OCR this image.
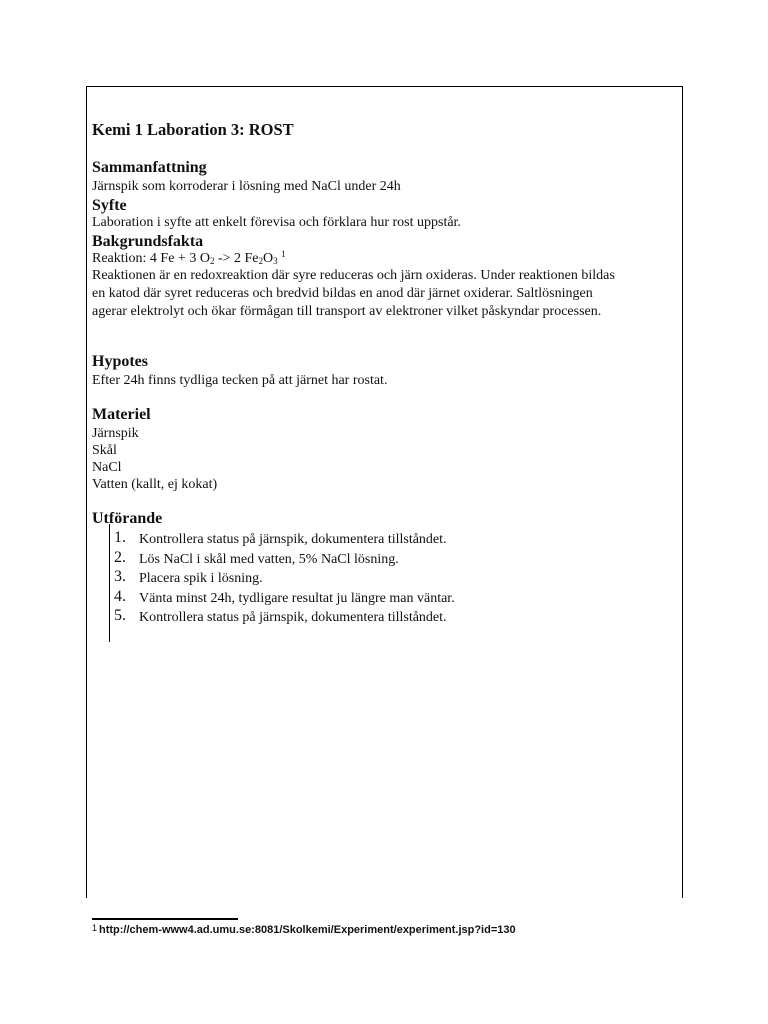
Kemi 1 Laboration 3: ROST
Sammanfattning
Järnspik som korroderar i lösning med NaCl under 24h
Syfte
Laboration i syfte att enkelt förevisa och förklara hur rost uppstår.
Bakgrundsfakta
Reaktion: 4 Fe + 3 $O_2 -> 2$ $Fe_2O_3$ $^1$
Reaktionen är en redoxreaktion där syre reduceras och järn oxideras. Under reaktionen bildas
en katod där syret reduceras och bredvid bildas en anod där järnet oxiderar. Saltlösningen
agerar elektrolyt och ökar förmågan till transport av elektroner vilket påskyndar processen.
Hypotes
Efter 24h finns tydliga tecken på att järnet har rostat.
Materiel
Järnspik
Skål
NaCl
Vatten (kallt, ej kokat)
Utförande
1. Kontrollera status på järnspik, dokumentera tillståndet.
2. Lös NaCl i skål med vatten, 5% NaCl lösning.
3. Placera spik i lösning.
4. Vänta minst 24h, tydligare resultat ju längre man väntar.
5. Kontrollera status på järnspik, dokumentera tillståndet.
1 http://chem-www4.ad.umu.se:8081/Skolkemi/Experiment/experiment.jsp?id=130
